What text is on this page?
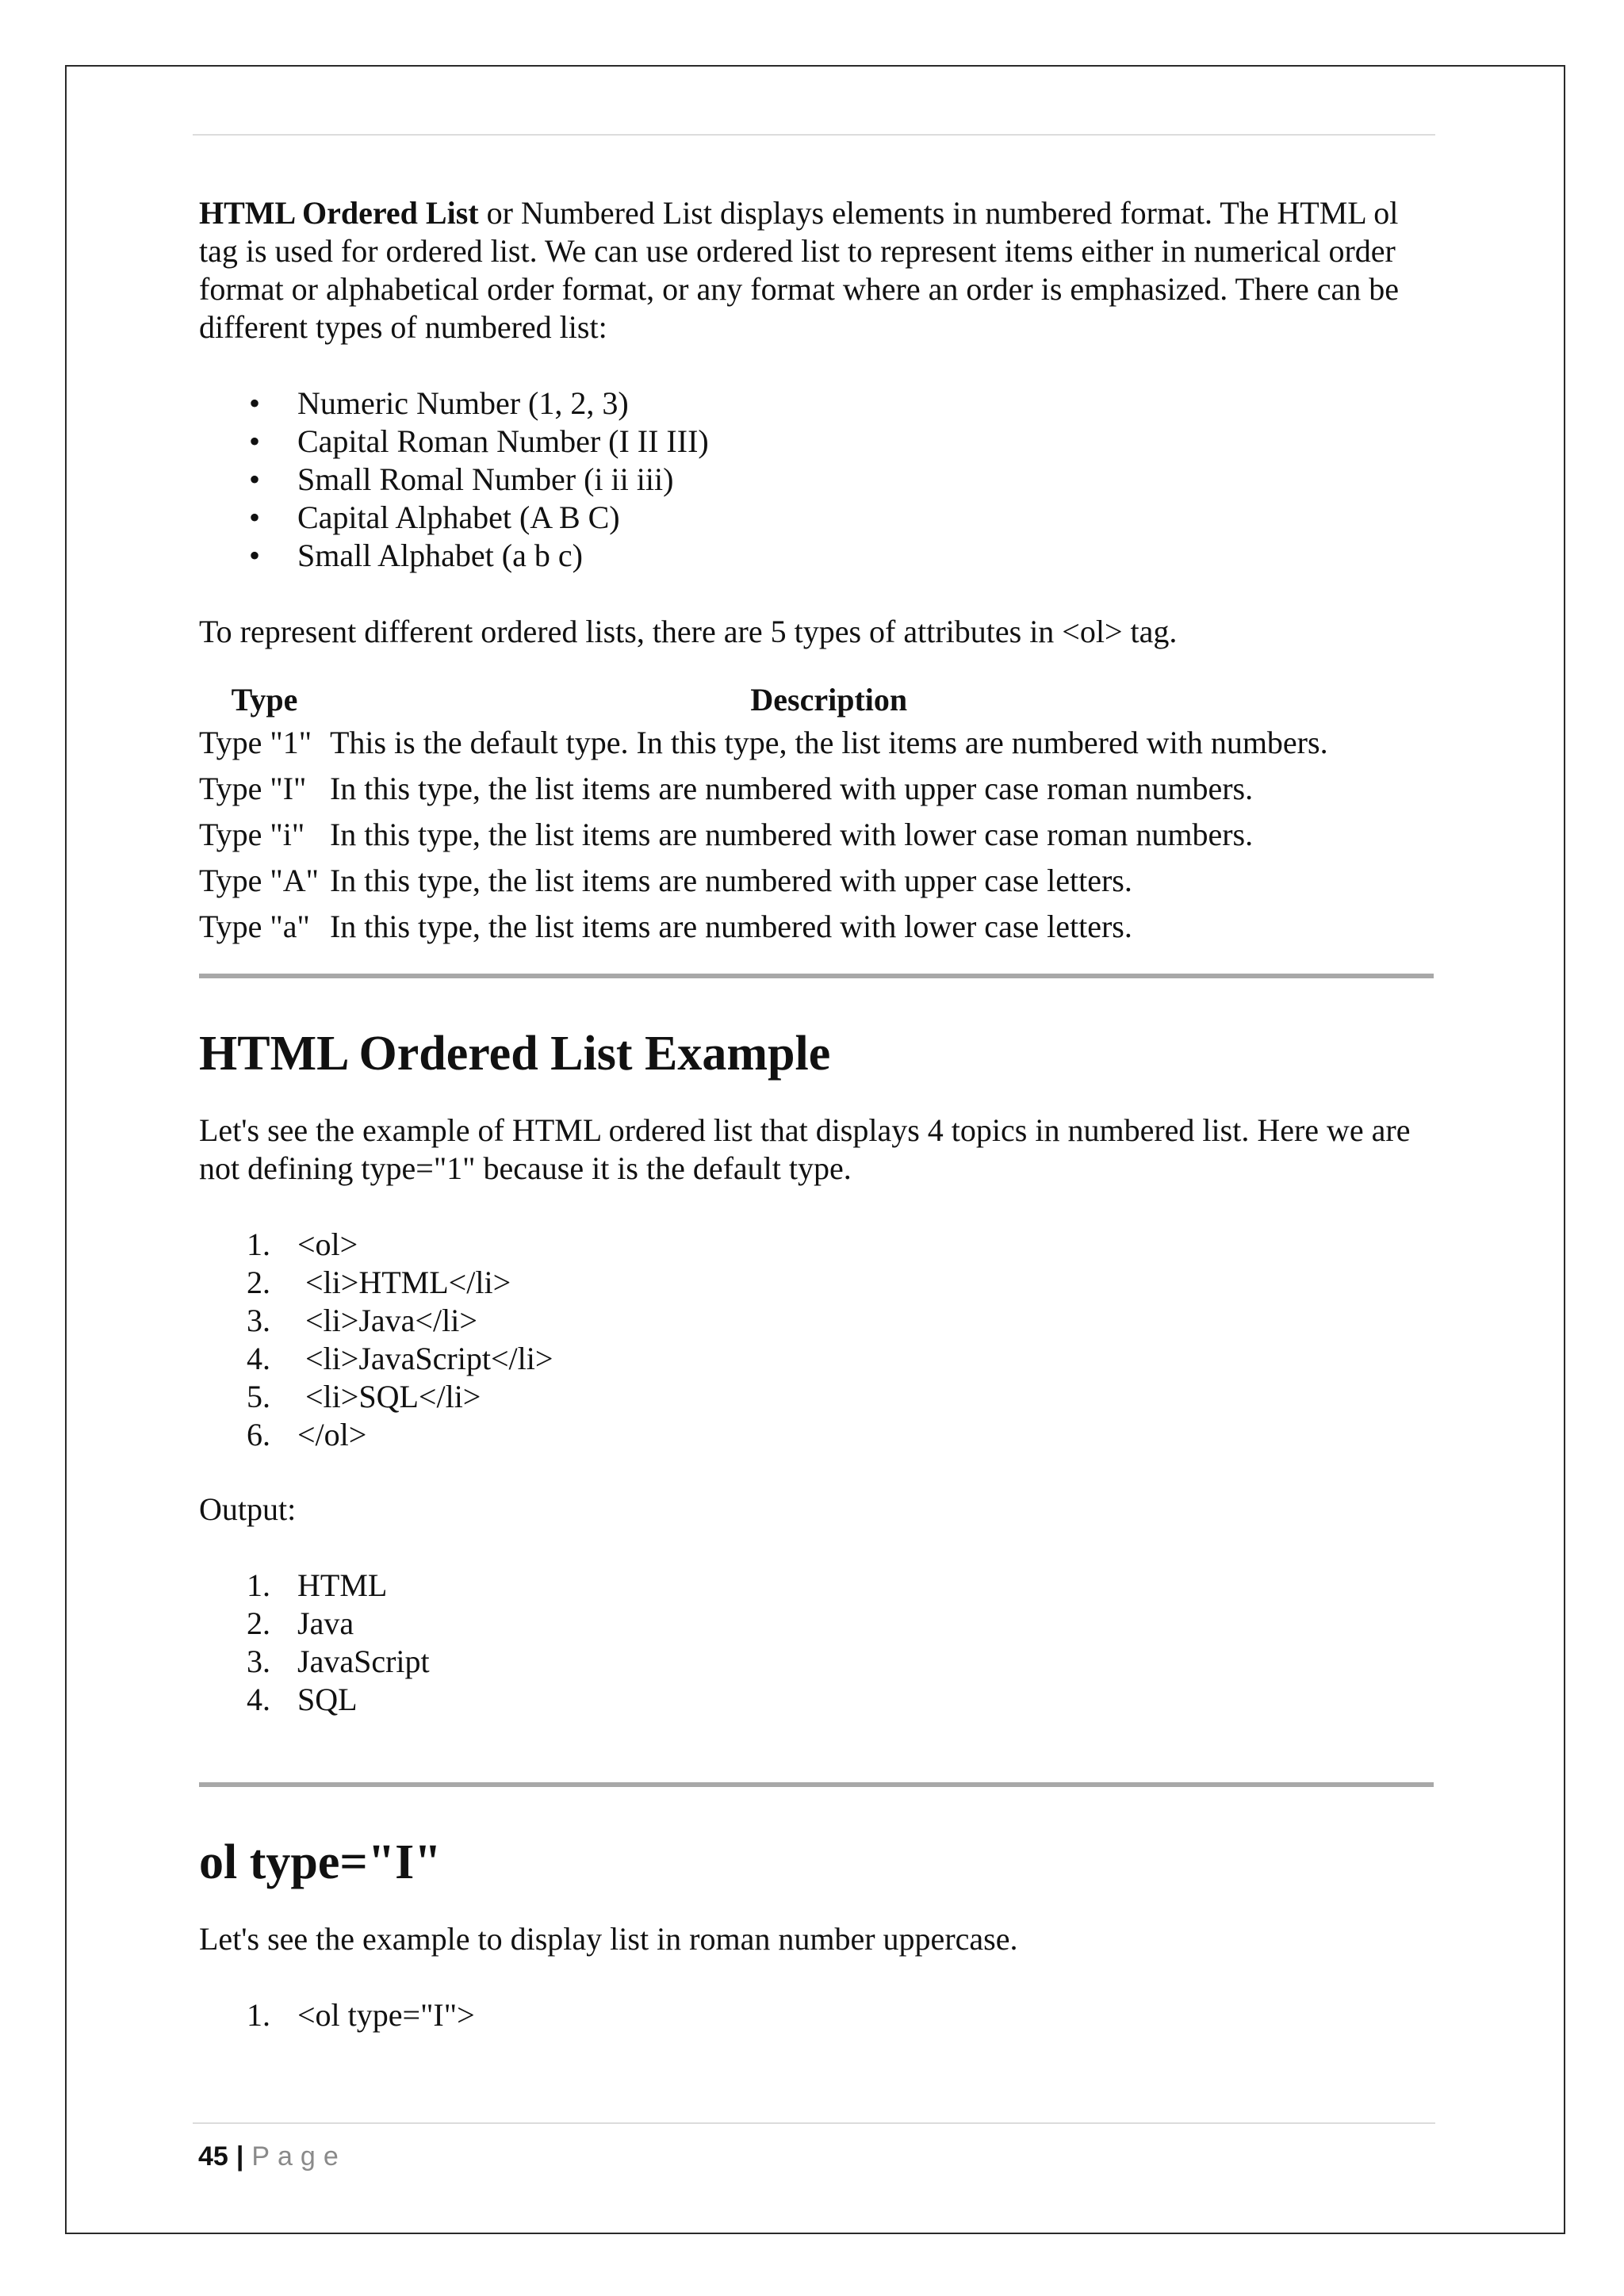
HTML Ordered List or Numbered List displays elements in numbered format. The HTML ol tag is used for ordered list. We can use ordered list to represent items either in numerical order format or alphabetical order format, or any format where an order is emphasized. There can be different types of numbered list:

• Numeric Number (1, 2, 3)
• Capital Roman Number (I II III)
• Small Romal Number (i ii iii)
• Capital Alphabet (A B C)
• Small Alphabet (a b c)

To represent different ordered lists, there are 5 types of attributes in <ol> tag.

Type	Description
Type "1"	This is the default type. In this type, the list items are numbered with numbers.
Type "I"	In this type, the list items are numbered with upper case roman numbers.
Type "i"	In this type, the list items are numbered with lower case roman numbers.
Type "A"	In this type, the list items are numbered with upper case letters.
Type "a"	In this type, the list items are numbered with lower case letters.
HTML Ordered List Example

Let's see the example of HTML ordered list that displays 4 topics in numbered list. Here we are not defining type="1" because it is the default type.

1. <ol>
2. <li>HTML</li>
3. <li>Java</li>
4. <li>JavaScript</li>
5. <li>SQL</li>
6. </ol>

Output:

1. HTML
2. Java
3. JavaScript
4. SQL
ol type="I"

Let's see the example to display list in roman number uppercase.

1. <ol type="I">
45 | Page
